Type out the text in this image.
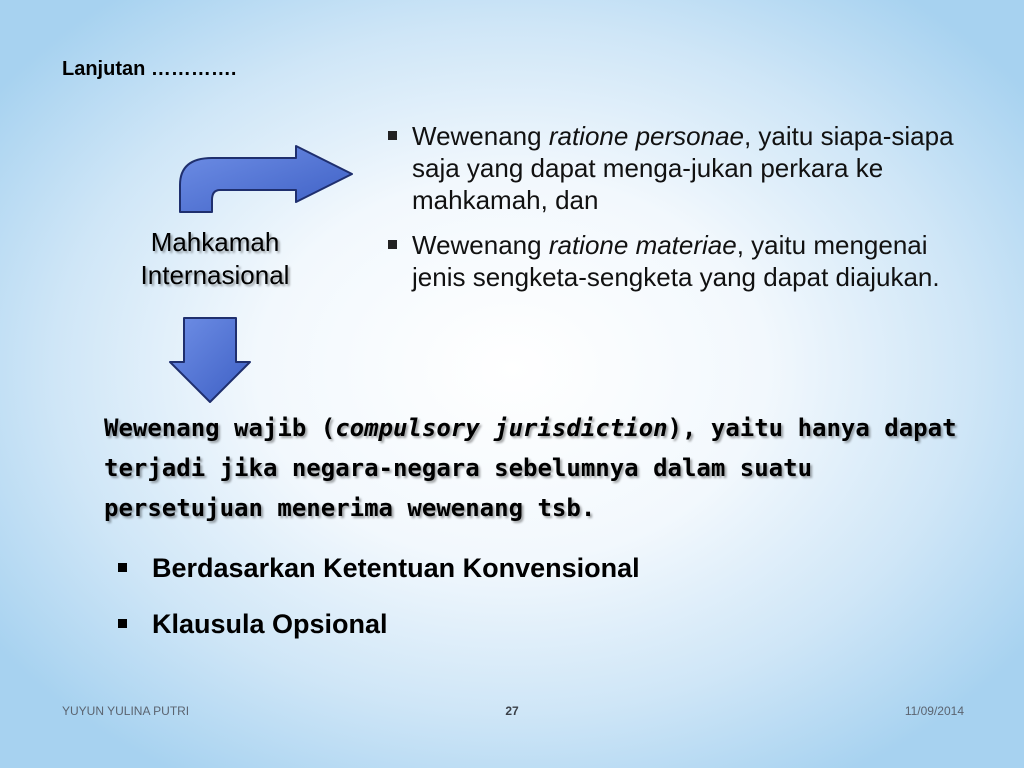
Lanjutan ………….
Mahkamah
Internasional
Wewenang ratione personae, yaitu siapa-siapa saja yang dapat menga-jukan perkara ke mahkamah, dan
Wewenang ratione materiae, yaitu mengenai jenis sengketa-sengketa yang dapat diajukan.
Wewenang wajib (compulsory jurisdiction), yaitu hanya dapat terjadi jika negara-negara sebelumnya dalam suatu persetujuan menerima wewenang tsb.
Berdasarkan Ketentuan Konvensional
Klausula Opsional
YUYUN YULINA PUTRI	27	11/09/2014
